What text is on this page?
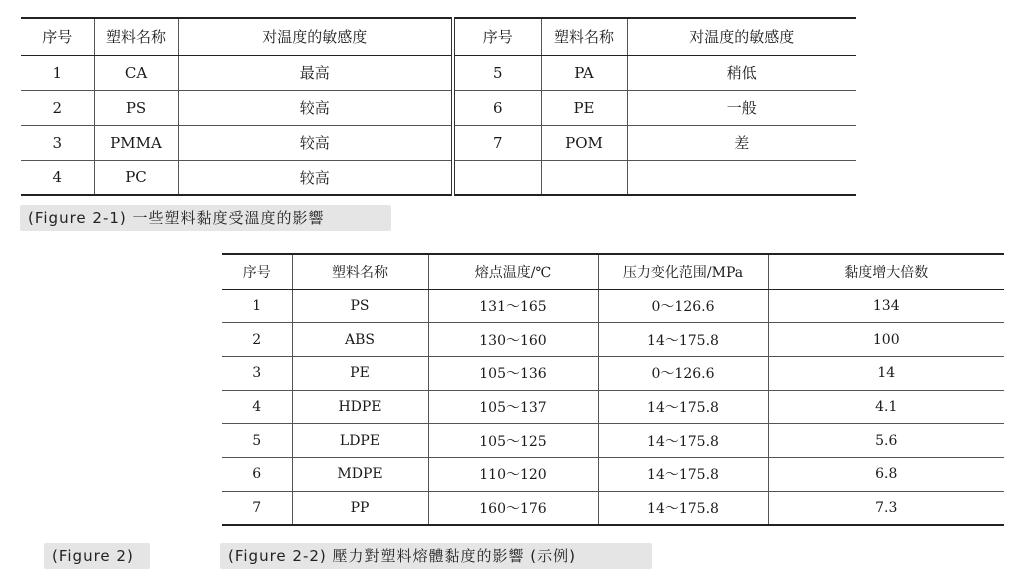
序号	塑料名称	对温度的敏感度	序号	塑料名称	对温度的敏感度
1	CA	最高	5	PA	稍低
2	PS	较高	6	PE	一般
3	PMMA	较高	7	POM	差
4	PC	较高			
(Figure 2-1) 一些塑料黏度受溫度的影響
序号	塑料名称	熔点温度/℃	压力变化范围/MPa	黏度增大倍数
1	PS	131～165	0～126.6	134
2	ABS	130～160	14～175.8	100
3	PE	105～136	0～126.6	14
4	HDPE	105～137	14～175.8	4.1
5	LDPE	105～125	14～175.8	5.6
6	MDPE	110～120	14～175.8	6.8
7	PP	160～176	14～175.8	7.3
(Figure 2)	(Figure 2-2) 壓力對塑料熔體黏度的影響 (示例)
